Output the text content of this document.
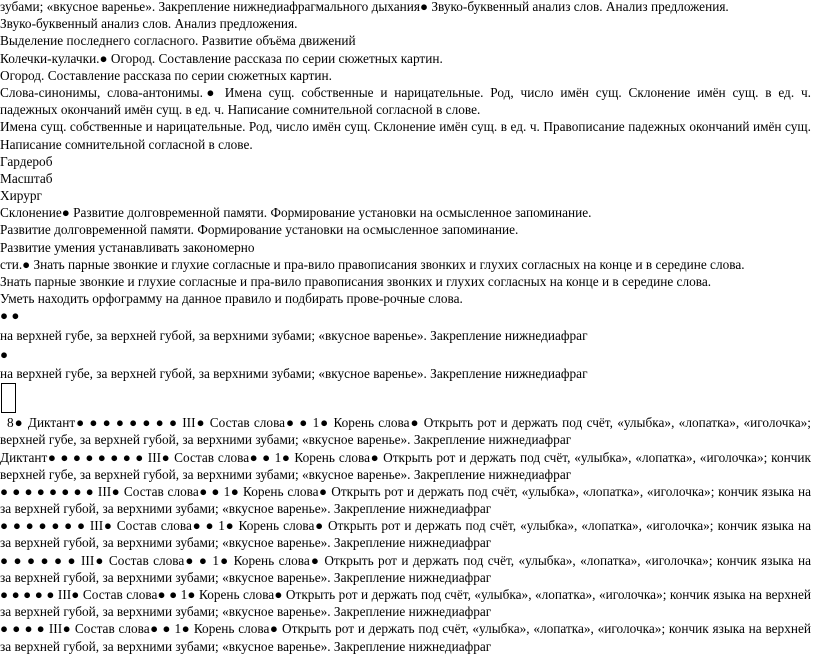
зубами; «вкусное варенье». Закрепление нижнедиафрагмального дыхания● Звуко-буквенный анализ слов. Анализ предложения.
Звуко-буквенный анализ слов. Анализ предложения.
Выделение последнего согласного. Развитие объёма движений
Колечки-кулачки.● Огород. Составление рассказа по серии сюжетных картин.
Огород. Составление рассказа по серии сюжетных картин.
Слова-синонимы, слова-антонимы.● Имена сущ. собственные и нарицательные. Род, число имён сущ. Склонение имён сущ. в ед. ч.
падежных окончаний имён сущ. в ед. ч. Написание сомнительной согласной в слове.
Имена сущ. собственные и нарицательные. Род, число имён сущ. Склонение имён сущ. в ед. ч. Правописание падежных окончаний имён сущ.
Написание сомнительной согласной в слове.
Гардероб
Масштаб
Хирург
Склонение● Развитие долговременной памяти. Формирование установки на осмысленное запоминание.
Развитие долговременной памяти. Формирование установки на осмысленное запоминание.
Развитие умения устанавливать закономерно
сти.● Знать парные звонкие и глухие согласные и пра-вило правописания звонких и глухих согласных на конце и в середине слова.
Знать парные звонкие и глухие согласные и пра-вило правописания звонких и глухих согласных на конце и в середине слова.
Уметь находить орфограмму на данное правило и подбирать прове-рочные слова.
● ●
на верхней губе, за верхней губой, за верхними зубами; «вкусное варенье». Закрепление нижнедиафраг
●
на верхней губе, за верхней губой, за верхними зубами; «вкусное варенье». Закрепление нижнедиафраг
8● Диктант● ● ● ● ● ● ● ● III● Состав слова● ● 1● Корень слова● Открыть рот и держать под счёт, «улыбка», «лопатка», «иголочка»;
верхней губе, за верхней губой, за верхними зубами; «вкусное варенье». Закрепление нижнедиафраг
Диктант● ● ● ● ● ● ● ● III● Состав слова● ● 1● Корень слова● Открыть рот и держать под счёт, «улыбка», «лопатка», «иголочка»; кончик
верхней губе, за верхней губой, за верхними зубами; «вкусное варенье». Закрепление нижнедиафраг
● ● ● ● ● ● ● ● III● Состав слова● ● 1● Корень слова● Открыть рот и держать под счёт, «улыбка», «лопатка», «иголочка»; кончик языка на
за верхней губой, за верхними зубами; «вкусное варенье». Закрепление нижнедиафраг
● ● ● ● ● ● ● III● Состав слова● ● 1● Корень слова● Открыть рот и держать под счёт, «улыбка», «лопатка», «иголочка»; кончик языка на
за верхней губой, за верхними зубами; «вкусное варенье». Закрепление нижнедиафраг
● ● ● ● ● ● III● Состав слова● ● 1● Корень слова● Открыть рот и держать под счёт, «улыбка», «лопатка», «иголочка»; кончик языка на
за верхней губой, за верхними зубами; «вкусное варенье». Закрепление нижнедиафраг
● ● ● ● ● III● Состав слова● ● 1● Корень слова● Открыть рот и держать под счёт, «улыбка», «лопатка», «иголочка»; кончик языка на верхней
за верхней губой, за верхними зубами; «вкусное варенье». Закрепление нижнедиафраг
● ● ● ● III● Состав слова● ● 1● Корень слова● Открыть рот и держать под счёт, «улыбка», «лопатка», «иголочка»; кончик языка на верхней
за верхней губой, за верхними зубами; «вкусное варенье». Закрепление нижнедиафраг
